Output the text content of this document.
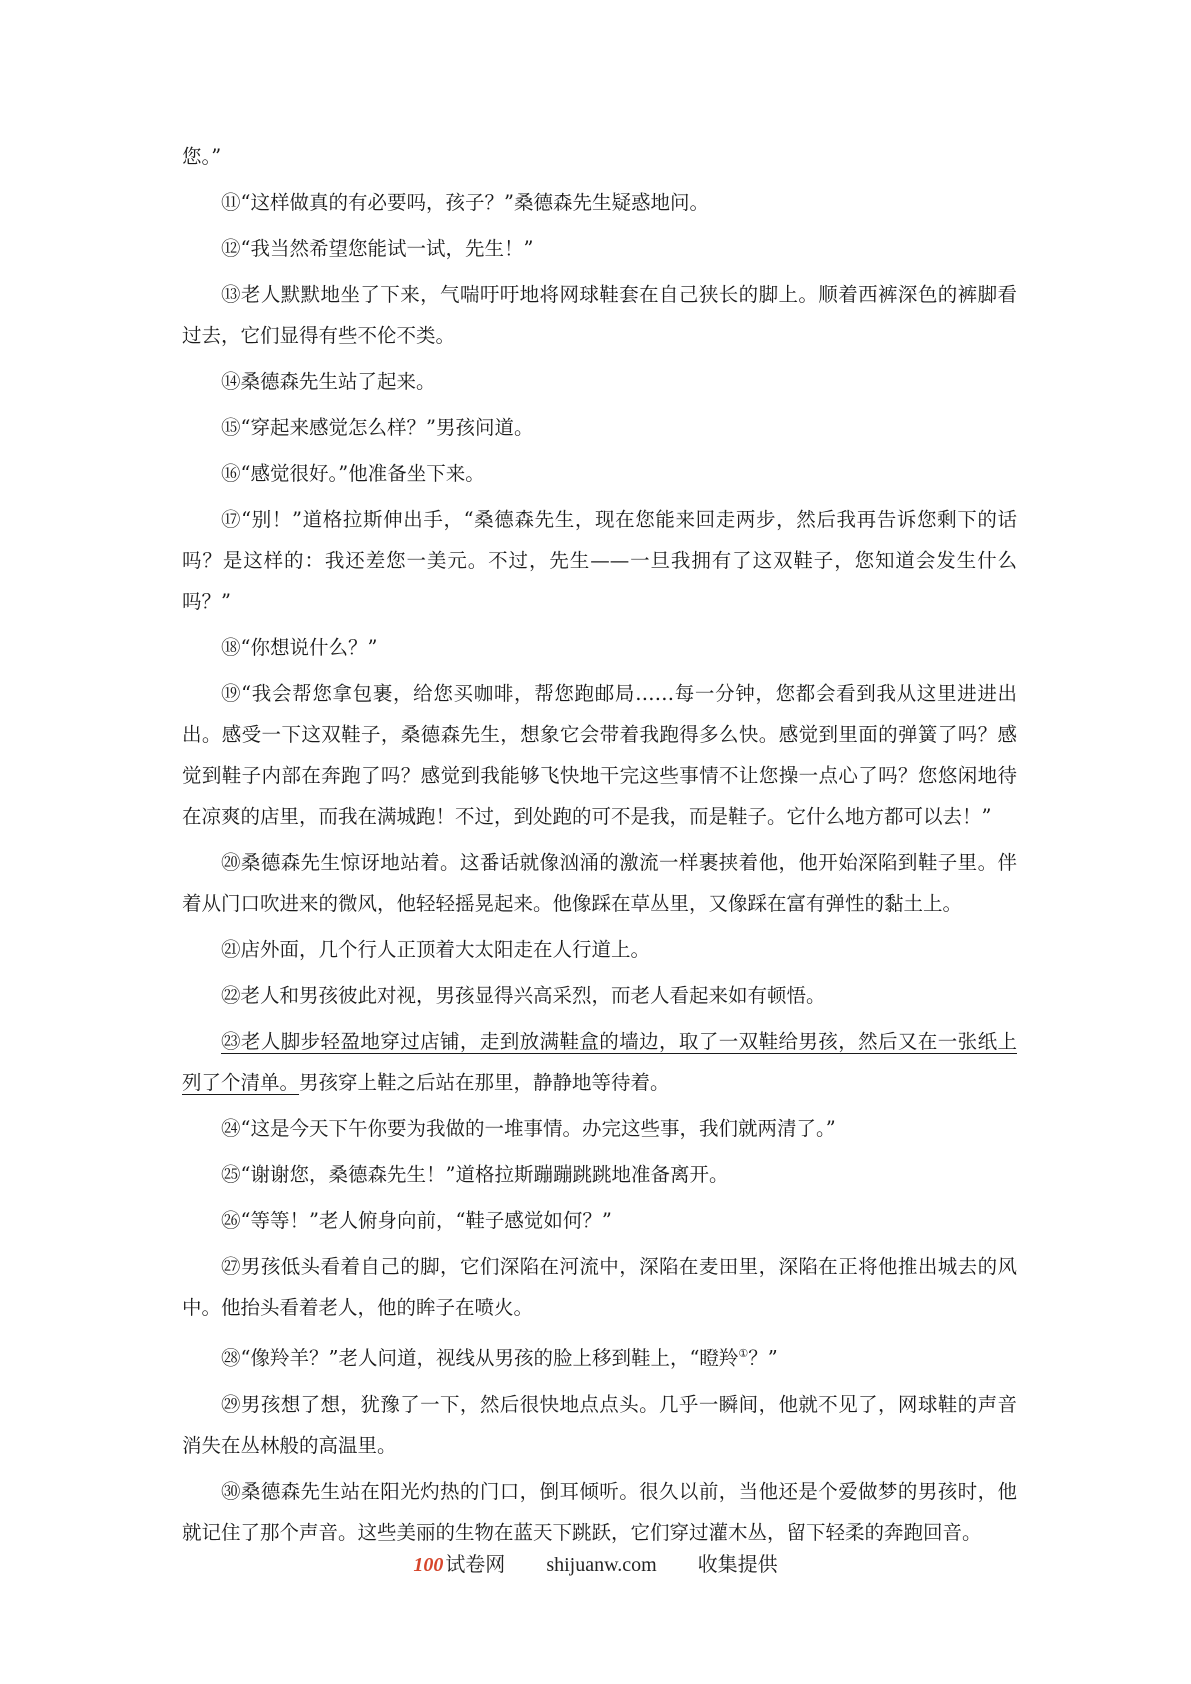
您。”

⑪“这样做真的有必要吗，孩子？”桑德森先生疑惑地问。

⑫“我当然希望您能试一试，先生！”

⑬老人默默地坐了下来，气喘吁吁地将网球鞋套在自己狭长的脚上。顺着西裤深色的裤脚看过去，它们显得有些不伦不类。

⑭桑德森先生站了起来。

⑮“穿起来感觉怎么样？”男孩问道。

⑯“感觉很好。”他准备坐下来。

⑰“别！”道格拉斯伸出手，“桑德森先生，现在您能来回走两步，然后我再告诉您剩下的话吗？是这样的：我还差您一美元。不过，先生——一旦我拥有了这双鞋子，您知道会发生什么吗？”

⑱“你想说什么？”

⑲“我会帮您拿包裹，给您买咖啡，帮您跑邮局……每一分钟，您都会看到我从这里进进出出。感受一下这双鞋子，桑德森先生，想象它会带着我跑得多么快。感觉到里面的弹簧了吗？感觉到鞋子内部在奔跑了吗？感觉到我能够飞快地干完这些事情不让您操一点心了吗？您悠闲地待在凉爽的店里，而我在满城跑！不过，到处跑的可不是我，而是鞋子。它什么地方都可以去！”

⑳桑德森先生惊讶地站着。这番话就像汹涌的激流一样裹挟着他，他开始深陷到鞋子里。伴着从门口吹进来的微风，他轻轻摇晃起来。他像踩在草丛里，又像踩在富有弹性的黏土上。

㉑店外面，几个行人正顶着大太阳走在人行道上。

㉒老人和男孩彼此对视，男孩显得兴高采烈，而老人看起来如有顿悟。

㉓老人脚步轻盈地穿过店铺，走到放满鞋盒的墙边，取了一双鞋给男孩，然后又在一张纸上列了个清单。男孩穿上鞋之后站在那里，静静地等待着。

㉔“这是今天下午你要为我做的一堆事情。办完这些事，我们就两清了。”

㉕“谢谢您，桑德森先生！”道格拉斯蹦蹦跳跳地准备离开。

㉖“等等！”老人俯身向前，“鞋子感觉如何？”

㉗男孩低头看着自己的脚，它们深陷在河流中，深陷在麦田里，深陷在正将他推出城去的风中。他抬头看着老人，他的眸子在喷火。

㉘“像羚羊？”老人问道，视线从男孩的脸上移到鞋上，“瞪羚①？”

㉙男孩想了想，犹豫了一下，然后很快地点点头。几乎一瞬间，他就不见了，网球鞋的声音消失在丛林般的高温里。

㉚桑德森先生站在阳光灼热的门口，倒耳倾听。很久以前，当他还是个爱做梦的男孩时，他就记住了那个声音。这些美丽的生物在蓝天下跳跃，它们穿过灌木丛，留下轻柔的奔跑回音。

100 试卷网 shijuanw.com 收集提供
